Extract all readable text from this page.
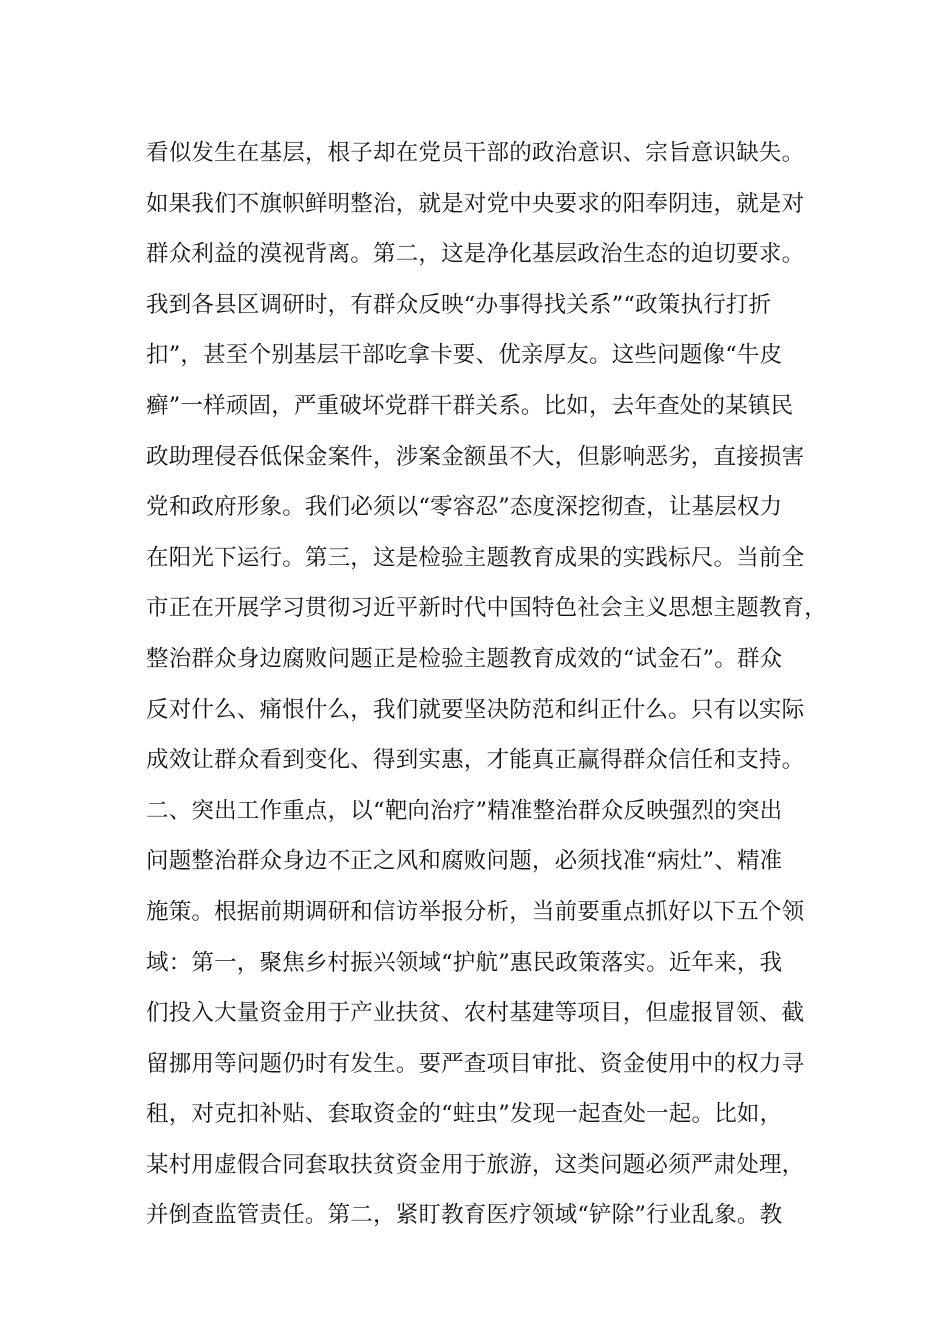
看似发生在基层，根子却在党员干部的政治意识、宗旨意识缺失。
如果我们不旗帜鲜明整治，就是对党中央要求的阳奉阴违，就是对
群众利益的漠视背离。第二，这是净化基层政治生态的迫切要求。
我到各县区调研时，有群众反映“办事得找关系”“政策执行打折
扣”，甚至个别基层干部吃拿卡要、优亲厚友。这些问题像“牛皮
癣”一样顽固，严重破坏党群干群关系。比如，去年查处的某镇民
政助理侵吞低保金案件，涉案金额虽不大，但影响恶劣，直接损害
党和政府形象。我们必须以“零容忍”态度深挖彻查，让基层权力
在阳光下运行。第三，这是检验主题教育成果的实践标尺。当前全
市正在开展学习贯彻习近平新时代中国特色社会主义思想主题教育，
整治群众身边腐败问题正是检验主题教育成效的“试金石”。群众
反对什么、痛恨什么，我们就要坚决防范和纠正什么。只有以实际
成效让群众看到变化、得到实惠，才能真正赢得群众信任和支持。
二、突出工作重点，以“靶向治疗”精准整治群众反映强烈的突出
问题整治群众身边不正之风和腐败问题，必须找准“病灶”、精准
施策。根据前期调研和信访举报分析，当前要重点抓好以下五个领
域：第一，聚焦乡村振兴领域“护航”惠民政策落实。近年来，我
们投入大量资金用于产业扶贫、农村基建等项目，但虚报冒领、截
留挪用等问题仍时有发生。要严查项目审批、资金使用中的权力寻
租，对克扣补贴、套取资金的“蛀虫”发现一起查处一起。比如，
某村用虚假合同套取扶贫资金用于旅游，这类问题必须严肃处理，
并倒查监管责任。第二，紧盯教育医疗领域“铲除”行业乱象。教
